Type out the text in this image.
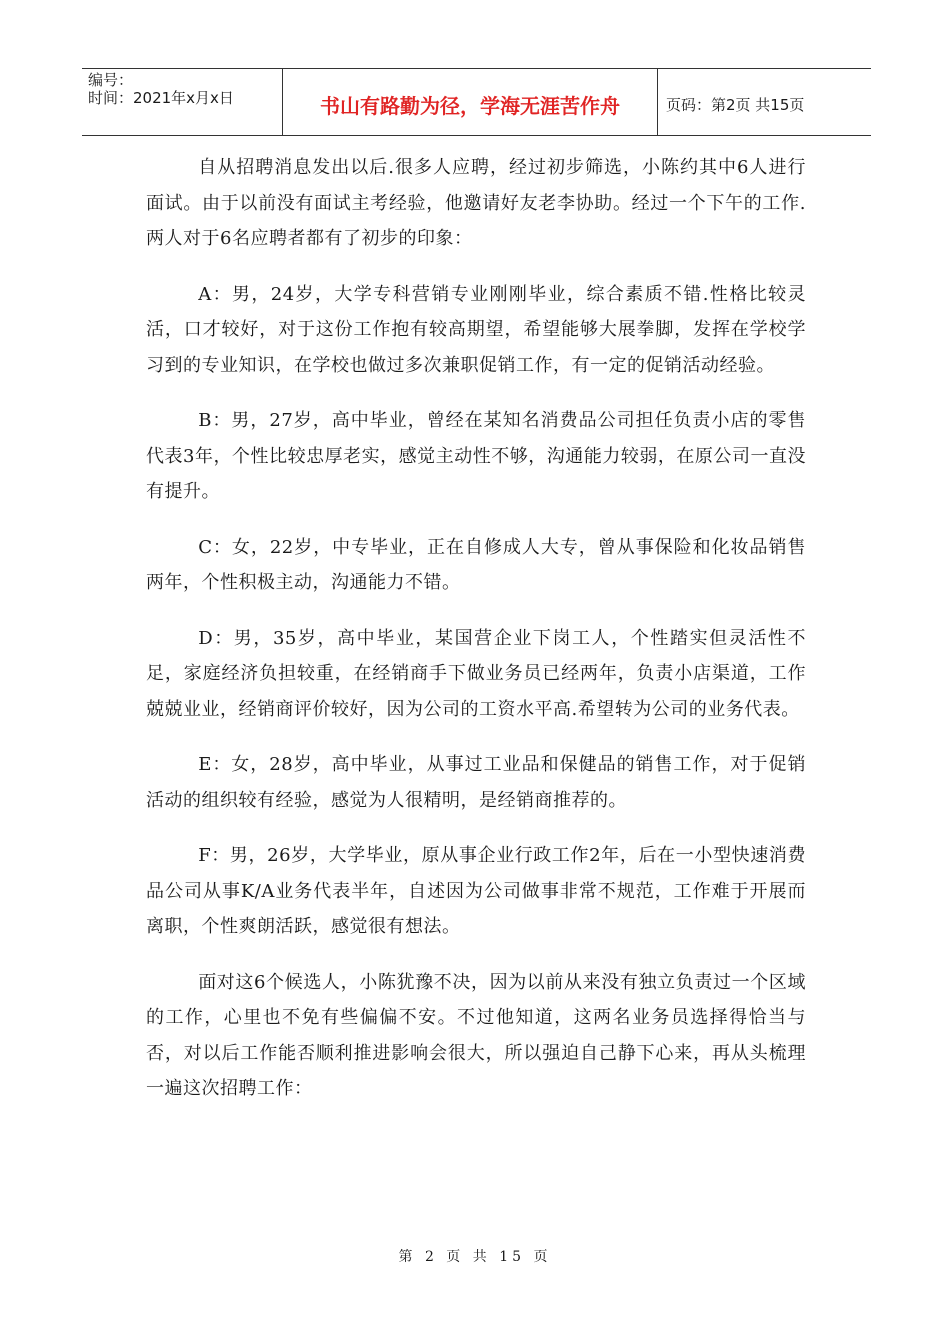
编号：
时间：2021年x月x日	书山有路勤为径，学海无涯苦作舟	页码：第2页 共15页

自从招聘消息发出以后.很多人应聘，经过初步筛选，小陈约其中6人进行面试。由于以前没有面试主考经验，他邀请好友老李协助。经过一个下午的工作.两人对于6名应聘者都有了初步的印象：

A：男，24岁，大学专科营销专业刚刚毕业，综合素质不错.性格比较灵活，口才较好，对于这份工作抱有较高期望，希望能够大展拳脚，发挥在学校学习到的专业知识，在学校也做过多次兼职促销工作，有一定的促销活动经验。

B：男，27岁，高中毕业，曾经在某知名消费品公司担任负责小店的零售代表3年，个性比较忠厚老实，感觉主动性不够，沟通能力较弱，在原公司一直没有提升。

C：女，22岁，中专毕业，正在自修成人大专，曾从事保险和化妆品销售两年，个性积极主动，沟通能力不错。

D：男，35岁，高中毕业，某国营企业下岗工人，个性踏实但灵活性不足，家庭经济负担较重，在经销商手下做业务员已经两年，负责小店渠道，工作兢兢业业，经销商评价较好，因为公司的工资水平高.希望转为公司的业务代表。

E：女，28岁，高中毕业，从事过工业品和保健品的销售工作，对于促销活动的组织较有经验，感觉为人很精明，是经销商推荐的。

F：男，26岁，大学毕业，原从事企业行政工作2年，后在一小型快速消费品公司从事K/A业务代表半年，自述因为公司做事非常不规范，工作难于开展而离职，个性爽朗活跃，感觉很有想法。

面对这6个候选人，小陈犹豫不决，因为以前从来没有独立负责过一个区域的工作，心里也不免有些偏偏不安。不过他知道，这两名业务员选择得恰当与否，对以后工作能否顺利推进影响会很大，所以强迫自己静下心来，再从头梳理一遍这次招聘工作：

第 2 页 共 15 页
